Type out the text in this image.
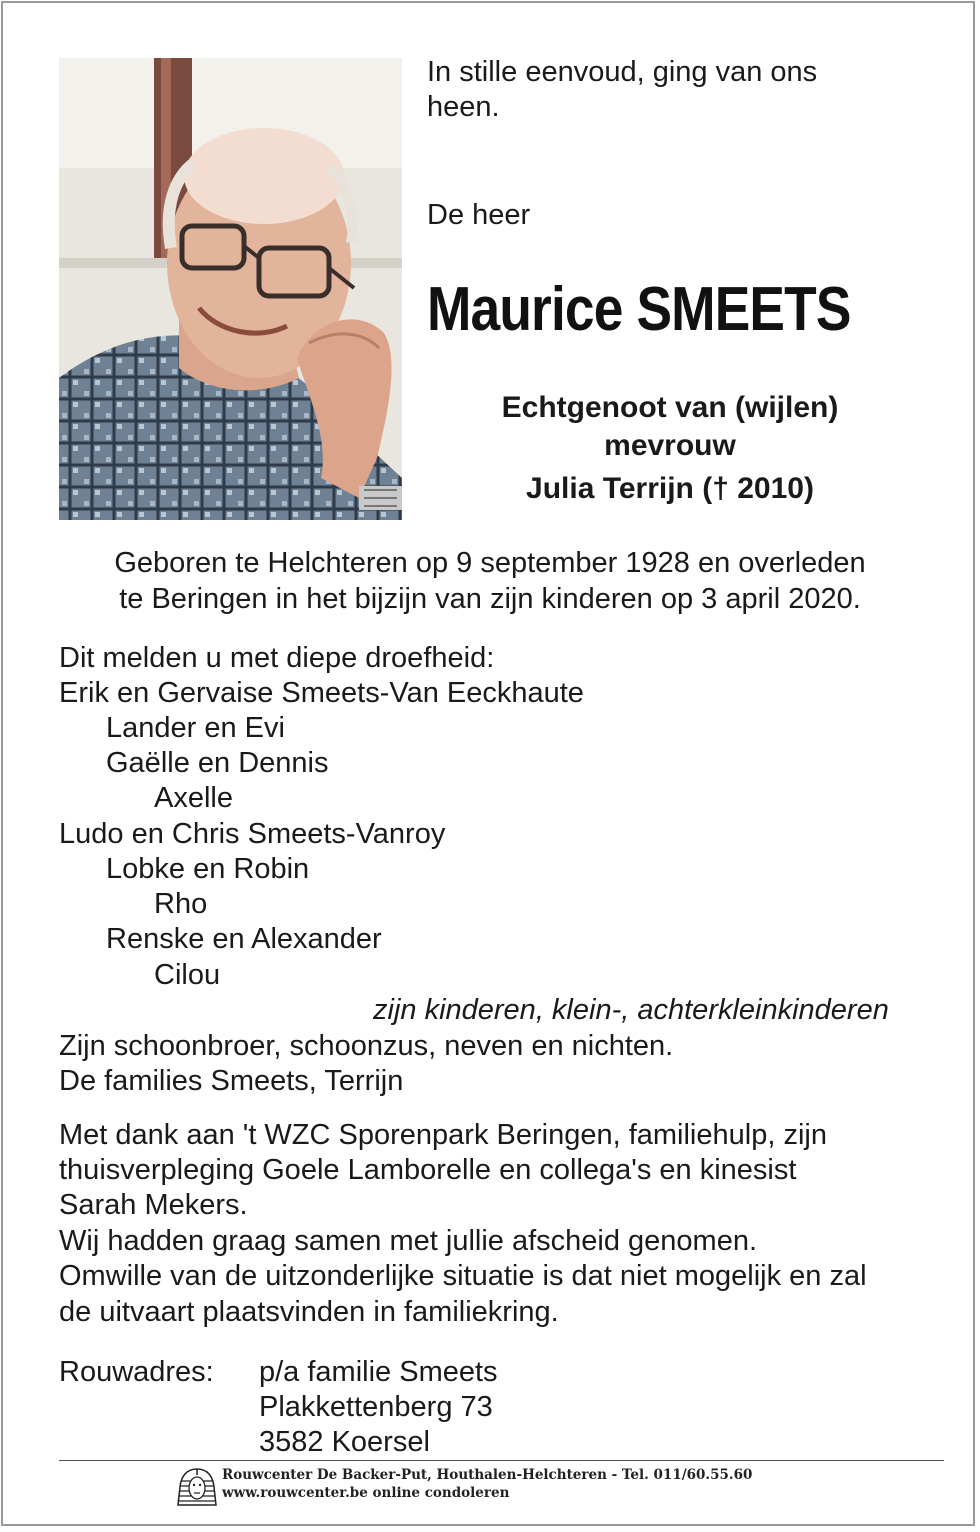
In stille eenvoud, ging van ons
heen.
De heer
Maurice SMEETS
Echtgenoot van (wijlen)
mevrouw
Julia Terrijn († 2010)
Geboren te Helchteren op 9 september 1928 en overleden
te Beringen in het bijzijn van zijn kinderen op 3 april 2020.
Dit melden u met diepe droefheid:
Erik en Gervaise Smeets-Van Eeckhaute
Lander en Evi
Gaëlle en Dennis
Axelle
Ludo en Chris Smeets-Vanroy
Lobke en Robin
Rho
Renske en Alexander
Cilou
zijn kinderen, klein-, achterkleinkinderen
Zijn schoonbroer, schoonzus, neven en nichten.
De families Smeets, Terrijn
Met dank aan 't WZC Sporenpark Beringen, familiehulp, zijn
thuisverpleging Goele Lamborelle en collega's en kinesist
Sarah Mekers.
Wij hadden graag samen met jullie afscheid genomen.
Omwille van de uitzonderlijke situatie is dat niet mogelijk en zal
de uitvaart plaatsvinden in familiekring.
Rouwadres: p/a familie Smeets
Plakkettenberg 73
3582 Koersel
Rouwcenter De Backer-Put, Houthalen-Helchteren - Tel. 011/60.55.60
www.rouwcenter.be online condoleren
